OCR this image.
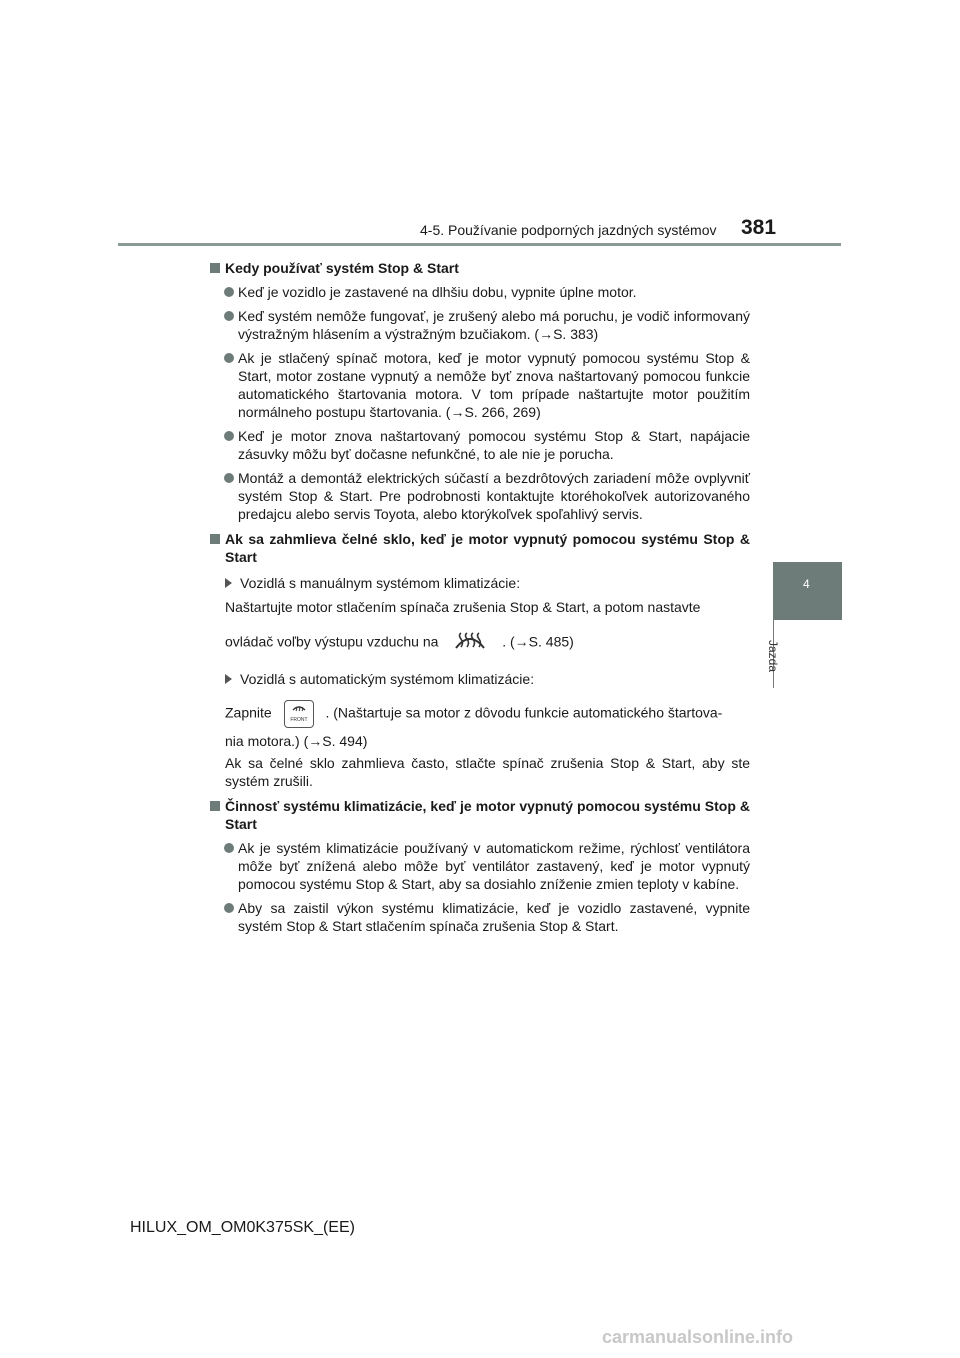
4-5. Používanie podporných jazdných systémov 381
4
Jazda
Kedy používať systém Stop & Start
Keď je vozidlo je zastavené na dlhšiu dobu, vypnite úplne motor.
Keď systém nemôže fungovať, je zrušený alebo má poruchu, je vodič informovaný výstražným hlásením a výstražným bzučiakom. (→S. 383)
Ak je stlačený spínač motora, keď je motor vypnutý pomocou systému Stop & Start, motor zostane vypnutý a nemôže byť znova naštartovaný pomocou funkcie automatického štartovania motora. V tom prípade naštartujte motor použitím normálneho postupu štartovania. (→S. 266, 269)
Keď je motor znova naštartovaný pomocou systému Stop & Start, napájacie zásuvky môžu byť dočasne nefunkčné, to ale nie je porucha.
Montáž a demontáž elektrických súčastí a bezdrôtových zariadení môže ovplyvniť systém Stop & Start. Pre podrobnosti kontaktujte ktoréhokoľvek autorizovaného predajcu alebo servis Toyota, alebo ktorýkoľvek spoľahlivý servis.
Ak sa zahmlieva čelné sklo, keď je motor vypnutý pomocou systému Stop & Start
Vozidlá s manuálnym systémom klimatizácie:
Naštartujte motor stlačením spínača zrušenia Stop & Start, a potom nastavte
ovládač voľby výstupu vzduchu na	. (→S. 485)
Vozidlá s automatickým systémom klimatizácie:
Zapnite	FRONT . (Naštartuje sa motor z dôvodu funkcie automatického štartova-
nia motora.) (→S. 494)
Ak sa čelné sklo zahmlieva často, stlačte spínač zrušenia Stop & Start, aby ste systém zrušili.
Činnosť systému klimatizácie, keď je motor vypnutý pomocou systému Stop & Start
Ak je systém klimatizácie používaný v automatickom režime, rýchlosť ventilátora môže byť znížená alebo môže byť ventilátor zastavený, keď je motor vypnutý pomocou systému Stop & Start, aby sa dosiahlo zníženie zmien teploty v kabíne.
Aby sa zaistil výkon systému klimatizácie, keď je vozidlo zastavené, vypnite systém Stop & Start stlačením spínača zrušenia Stop & Start.
HILUX_OM_OM0K375SK_(EE)
carmanualsonline.info
